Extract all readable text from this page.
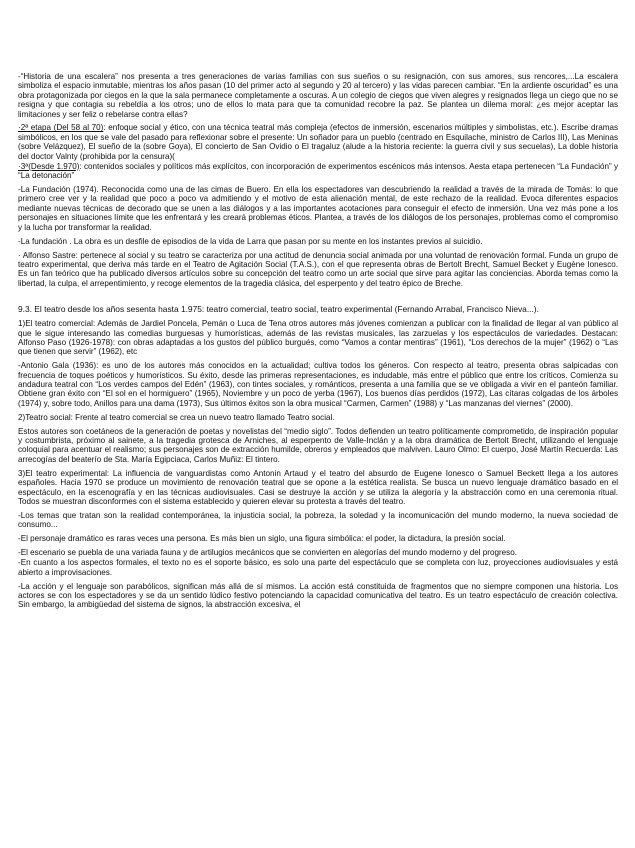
-“Historia de una escalera” nos presenta a tres generaciones de varias familias con sus sueños o su resignación, con sus amores, sus rencores,...La escalera simboliza el espacio inmutable, mientras los años pasan (10 del primer acto al segundo y 20 al tercero) y las vidas parecen cambiar. “En la ardiente oscuridad” es una obra protagonizada por ciegos en la que la sala permanece completamente a oscuras. A un colegio de ciegos que viven alegres y resignados llega un ciego que no se resigna y que contagia su rebeldía a los otros; uno de ellos lo mata para que ta comunidad recobre la paz. Se plantea un dilema moral: ¿es mejor aceptar las limitaciones y ser feliz o rebelarse contra ellas?

·2ª etapa (Del 58 al 70): enfoque social y ético, con una técnica teatral más compleja (efectos de inmersión, escenarios múltiples y simbolistas, etc.). Escribe dramas simbólicos, en los que se vale del pasado para reflexionar sobre el presente: Un soñador para un pueblo (centrado en Esquilache, ministro de Carlos III), Las Meninas (sobre Velázquez), El sueño de la (sobre Goya), El concierto de San Ovidio o El tragaluz (alude a la historia reciente: la guerra civil y sus secuelas), La doble historia del doctor Valnty (prohibida por la censura)(

·3ª(Desde 1.970): contenidos sociales y políticos más explícitos, con incorporación de experimentos escénicos más intensos. Aesta etapa pertenecen “La Fundación” y “La detonación”

-La Fundación (1974). Reconocida como una de las cimas de Buero. En ella los espectadores van descubriendo la realidad a través de la mirada de Tomás: lo que primero cree ver y la realidad que poco a poco va admitiendo y el motivo de esta alienación mental, de este rechazo de la realidad. Evoca diferentes espacios mediante nuevas técnicas de decorado que se unen a las diálogos y a las importantes acotaciones para conseguir el efecto de inmersión. Una vez más pone a los personajes en situaciones límite que les enfrentará y les creará problemas éticos. Plantea, a través de los diálogos de los personajes, problemas como el compromiso y la lucha por transformar la realidad.

-La fundación . La obra es un desfile de episodios de la vida de Larra que pasan por su mente en los instantes previos al suicidio.

· Alfonso Sastre: pertenece al social y su teatro se caracteriza por una actitud de denuncia social animada por una voluntad de renovación formal. Funda un grupo de teatro experimental, que deriva más tarde en el Teatro de Agitación Social (T.A.S.), con el que representa obras de Bertolt Brecht, Samuel Becket y Eugène Ionesco. Es un fan teórico que ha publicado diversos artículos sobre su concepción del teatro como un arte social que sirve para agitar las conciencias. Aborda temas como la libertad, la culpa, el arrepentimiento, y recoge elementos de la tragedia clásica, del esperpento y del teatro épico de Breche.

9.3. El teatro desde los años sesenta hasta 1.975: teatro comercial, teatro social, teatro experimental (Fernando Arrabal, Francisco Nieva...).

1)El teatro comercial: Además de Jardiel Poncela, Pemán o Luca de Tena otros autores más jóvenes comienzan a publicar con la finalidad de llegar al van público al que le sigue interesando las comedias burguesas y humorísticas, además de las revistas musicales, las zarzuelas y los espectáculos de variedades. Destacan: Alfonso Paso (1926-1978): con obras adaptadas a los gustos del público burgués, como “Vamos a contar mentiras” (1961), “Los derechos de la mujer” (1962) o “Las que tienen que servir” (1962), etc

-Antonio Gala (1936): es uno de los autores más conocidos en la actualidad; cultiva todos los géneros. Con respecto al teatro, presenta obras salpicadas con frecuencia de toques poéticos y humorísticos. Su éxito, desde las primeras representaciones, es indudable, más entre el público que entre los críticos. Comienza su andadura teatral con “Los verdes campos del Edén” (1963), con tintes sociales, y románticos, presenta a una familia que se ve obligada a vivir en el panteón familiar. Obtiene gran éxito con “El sol en el hormiguero” (1965), Noviembre y un poco de yerba (1967), Los buenos días perdidos (1972), Las cítaras colgadas de los árboles (1974) y, sobre todo, Anillos para una dama (1973), Sus últimos éxitos son la obra musical “Carmen, Carmen” (1988) y “Las manzanas del viernes” (2000).

2)Teatro social: Frente al teatro comercial se crea un nuevo teatro llamado Teatro social.

Estos autores son coetáneos de la generación de poetas y novelistas del “medio siglo”. Todos defienden un teatro políticamente comprometido, de inspiración popular y costumbrista, próximo al sainete, a la tragedia grotesca de Arniches, al esperpento de Valle-Inclán y a la obra dramática de Bertolt Brecht, utilizando el lenguaje coloquial para acentuar el realismo; sus personajes son de extracción humilde, obreros y empleados que malviven. Lauro Olmo: El cuerpo, José Martín Recuerda: Las arrecogías del beaterío de Sta. María Egipciaca, Carlos Muñiz: El tintero.

3)El teatro experimental: La influencia de vanguardistas como Antonin Artaud y el teatro del absurdo de Eugene Ionesco o Samuel Beckett llega a los autores españoles. Hacia 1970 se produce un movimiento de renovación teatral que se opone a la estética realista. Se busca un nuevo lenguaje dramático basado en el espectáculo, en la escenografía y en las técnicas audiovisuales. Casi se destruye la acción y se utiliza la alegoría y la abstracción como en una ceremonia ritual. Todos se muestran disconformes con el sistema establecido y quieren elevar su protesta a través del teatro.

-Los temas que tratan son la realidad contemporánea, la injusticia social, la pobreza, la soledad y la incomunicación del mundo moderno, la nueva sociedad de consumo...

-El personaje dramático es raras veces una persona. Es más bien un siglo, una figura simbólica: el poder, la dictadura, la presión social.

-El escenario se puebla de una variada fauna y de artilugios mecánicos que se convierten en alegorías del mundo moderno y del progreso.

-En cuanto a los aspectos formales, el texto no es el soporte básico, es solo una parte del espectáculo que se completa con luz, proyecciones audiovisuales y está abierto a improvisaciones.

-La acción y el lenguaje son parabólicos, significan más allá de sí mismos. La acción está constituida de fragmentos que no siempre componen una historia. Los actores se con los espectadores y se da un sentido lúdico festivo potenciando la capacidad comunicativa del teatro. Es un teatro espectáculo de creación colectiva. Sin embargo, la ambigüedad del sistema de signos, la abstracción excesiva, el
